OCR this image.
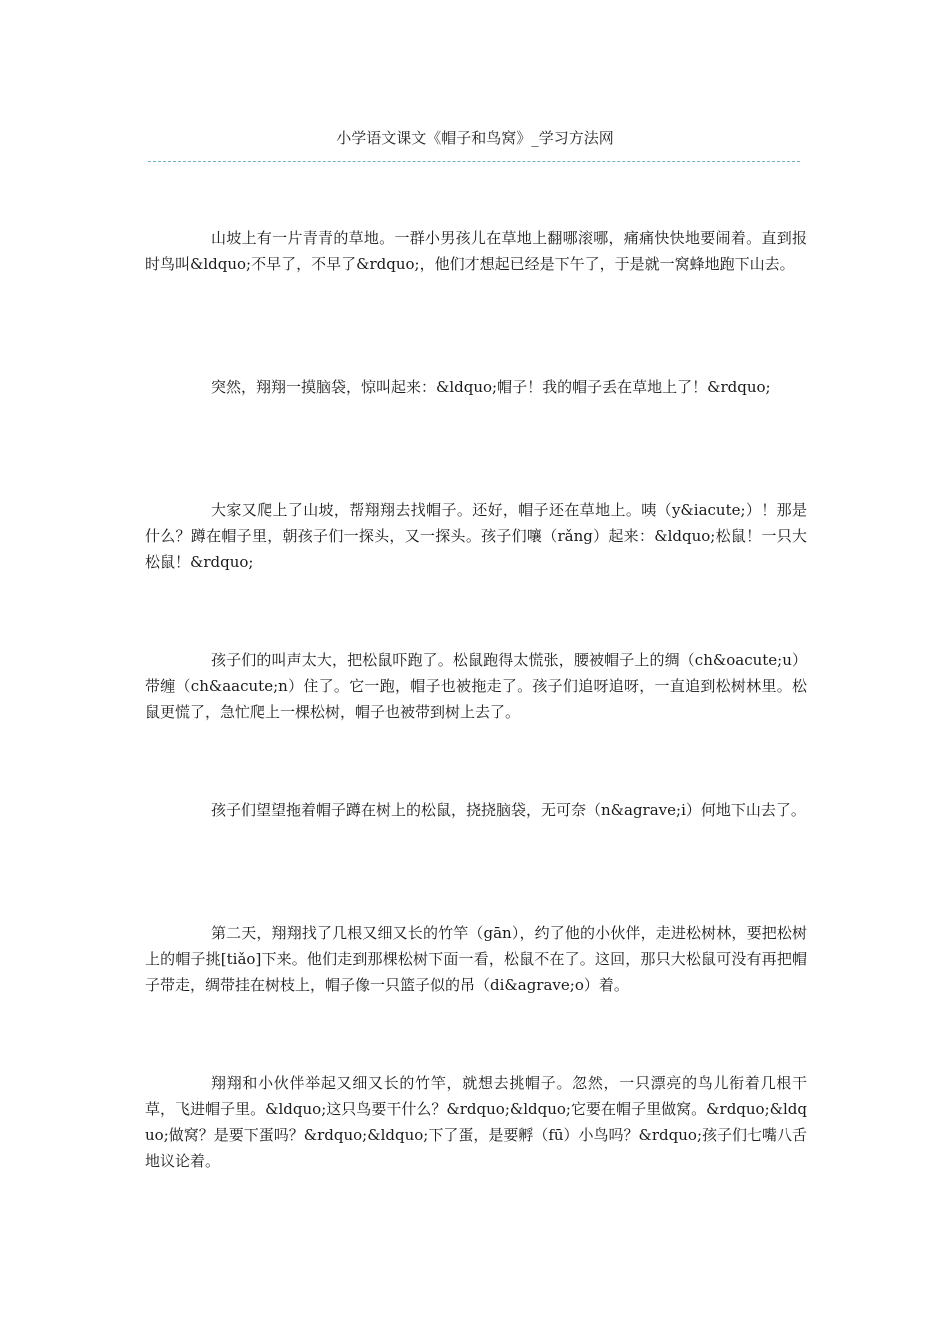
小学语文课文《帽子和鸟窝》_学习方法网

山坡上有一片青青的草地。一群小男孩儿在草地上翻哪滚哪，痛痛快快地要闹着。直到报时鸟叫&ldquo;不早了，不早了&rdquo;，他们才想起已经是下午了，于是就一窝蜂地跑下山去。

突然，翔翔一摸脑袋，惊叫起来：&ldquo;帽子！我的帽子丢在草地上了！&rdquo;

大家又爬上了山坡，帮翔翔去找帽子。还好，帽子还在草地上。咦（y&iacute;）！那是什么？蹲在帽子里，朝孩子们一探头，又一探头。孩子们嚷（rǎng）起来：&ldquo;松鼠！一只大松鼠！&rdquo;

孩子们的叫声太大，把松鼠吓跑了。松鼠跑得太慌张，腰被帽子上的绸（ch&oacute;u）带缠（ch&aacute;n）住了。它一跑，帽子也被拖走了。孩子们追呀追呀，一直追到松树林里。松鼠更慌了，急忙爬上一棵松树，帽子也被带到树上去了。

孩子们望望拖着帽子蹲在树上的松鼠，挠挠脑袋，无可奈（n&agrave;i）何地下山去了。

第二天，翔翔找了几根又细又长的竹竿（gān），约了他的小伙伴，走进松树林，要把松树上的帽子挑[tiǎo]下来。他们走到那棵松树下面一看，松鼠不在了。这回，那只大松鼠可没有再把帽子带走，绸带挂在树枝上，帽子像一只篮子似的吊（di&agrave;o）着。

翔翔和小伙伴举起又细又长的竹竿，就想去挑帽子。忽然，一只漂亮的鸟儿衔着几根干草，飞进帽子里。&ldquo;这只鸟要干什么？&rdquo;&ldquo;它要在帽子里做窝。&rdquo;&ldquo;做窝？是要下蛋吗？&rdquo;&ldquo;下了蛋，是要孵（fū）小鸟吗？&rdquo;孩子们七嘴八舌地议论着。
